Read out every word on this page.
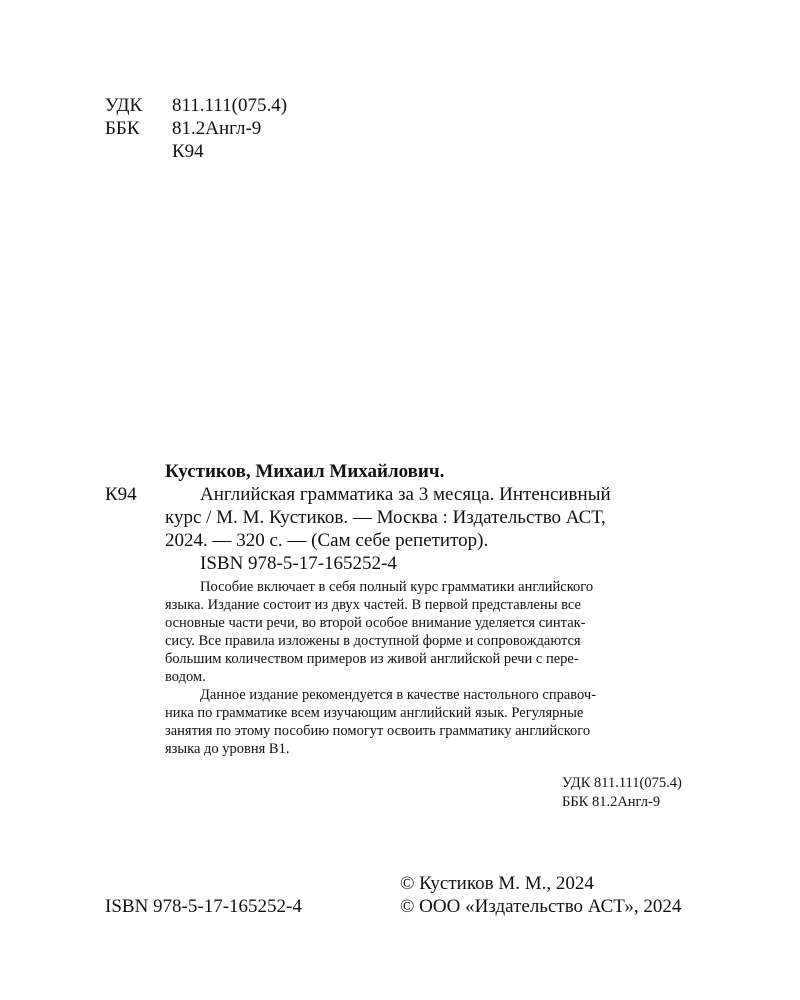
УДК 811.111(075.4)
ББК 81.2Англ-9
К94
Кустиков, Михаил Михайлович.
К94	Английская грамматика за 3 месяца. Интенсивный
курс / М. М. Кустиков. — Москва : Издательство АСТ,
2024. — 320 с. — (Сам себе репетитор).
ISBN 978-5-17-165252-4
Пособие включает в себя полный курс грамматики английского
языка. Издание состоит из двух частей. В первой представлены все
основные части речи, во второй особое внимание уделяется синтак-
сису. Все правила изложены в доступной форме и сопровождаются
большим количеством примеров из живой английской речи с пере-
водом.
Данное издание рекомендуется в качестве настольного справоч-
ника по грамматике всем изучающим английский язык. Регулярные
занятия по этому пособию помогут освоить грамматику английского
языка до уровня В1.
УДК 811.111(075.4)
ББК 81.2Англ-9
© Кустиков М. М., 2024
ISBN 978-5-17-165252-4	© ООО «Издательство АСТ», 2024
